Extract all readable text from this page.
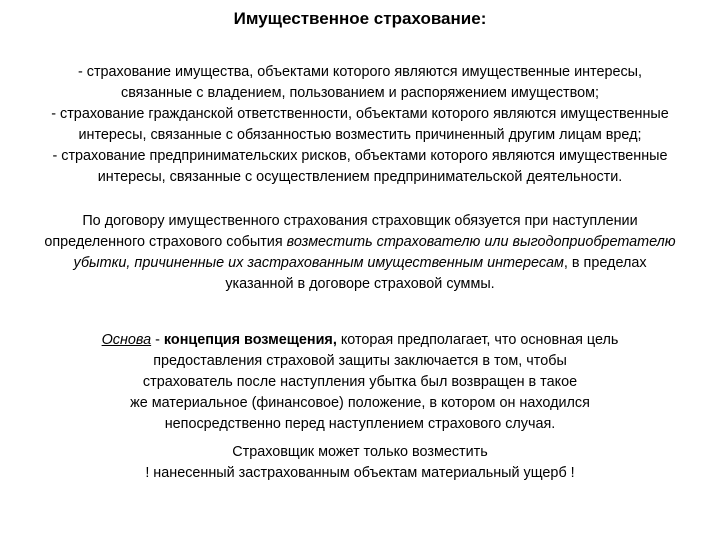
Имущественное страхование:

- страхование имущества, объектами которого являются имущественные интересы,

связанные с владением, пользованием и распоряжением имуществом;

- страхование гражданской ответственности, объектами которого являются имущественные

интересы, связанные с обязанностью возместить причиненный другим лицам вред;

- страхование предпринимательских рисков, объектами которого являются имущественные

интересы, связанные с осуществлением предпринимательской деятельности.

По договору имущественного страхования страховщик обязуется при наступлении

определенного страхового события возместить страхователю или выгодоприобретателю

убытки, причиненные их застрахованным имущественным интересам, в пределах

указанной в договоре страховой суммы.

Основа - концепция возмещения, которая предполагает, что основная цель

предоставления страховой защиты заключается в том, чтобы

страхователь после наступления убытка был возвращен в такое

же материальное (финансовое) положение, в котором он находился

непосредственно перед наступлением страхового случая.

Страховщик может только возместить

! нанесенный застрахованным объектам материальный ущерб !
